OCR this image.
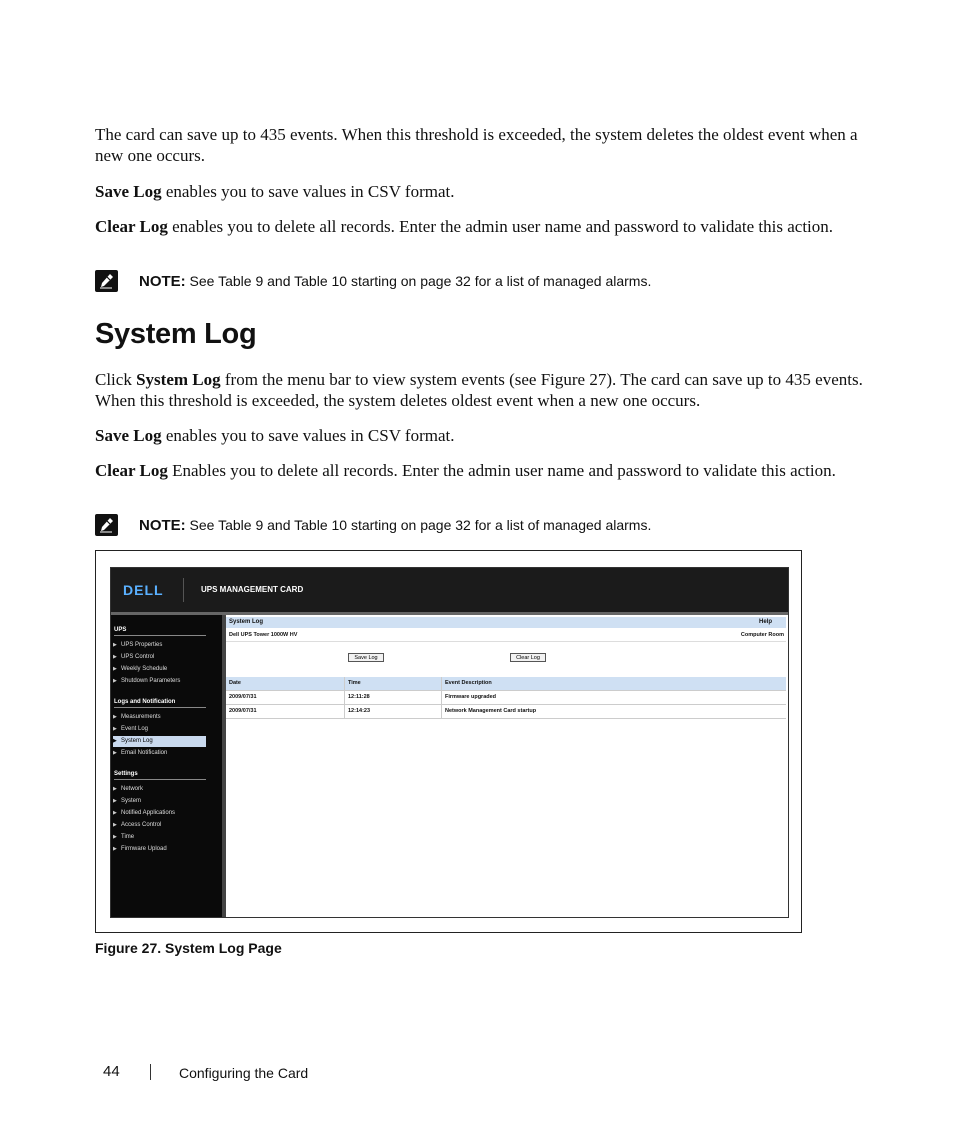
The card can save up to 435 events. When this threshold is exceeded, the system deletes the oldest event when a new one occurs.

Save Log enables you to save values in CSV format.

Clear Log enables you to delete all records. Enter the admin user name and password to validate this action.

NOTE: See Table 9 and Table 10 starting on page 32 for a list of managed alarms.
System Log

Click System Log from the menu bar to view system events (see Figure 27). The card can save up to 435 events. When this threshold is exceeded, the system deletes oldest event when a new one occurs.

Save Log enables you to save values in CSV format.

Clear Log Enables you to delete all records. Enter the admin user name and password to validate this action.

NOTE: See Table 9 and Table 10 starting on page 32 for a list of managed alarms.
DELL	UPS MANAGEMENT CARD
UPS
▶ UPS Properties
▶ UPS Control
▶ Weekly Schedule
▶ Shutdown Parameters
Logs and Notification
▶ Measurements
▶ Event Log
▶ System Log
▶ Email Notification
Settings
▶ Network
▶ System
▶ Notified Applications
▶ Access Control
▶ Time
▶ Firmware Upload
System Log	Help
Dell UPS Tower 1000W HV	Computer Room
Save Log	Clear Log
Date	Time	Event Description
2009/07/31	12:11:28	Firmware upgraded
2009/07/31	12:14:23	Network Management Card startup
Figure 27. System Log Page
44	Configuring the Card
